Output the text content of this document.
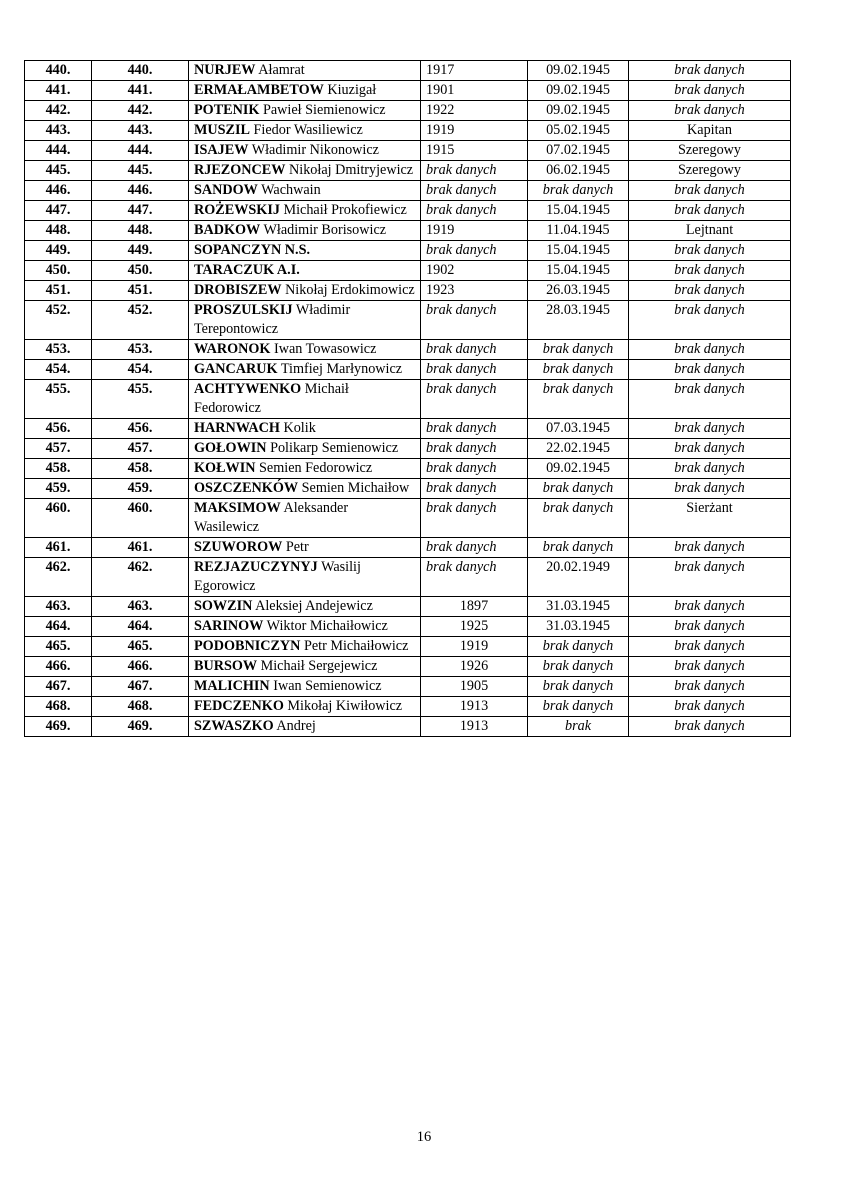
440.	440.	NURJEW Ałamrat	1917	09.02.1945	brak danych
441.	441.	ERMAŁAMBETOW Kiuzigał	1901	09.02.1945	brak danych
442.	442.	POTENIK Pawieł Siemienowicz	1922	09.02.1945	brak danych
443.	443.	MUSZIL Fiedor Wasiliewicz	1919	05.02.1945	Kapitan
444.	444.	ISAJEW Władimir Nikonowicz	1915	07.02.1945	Szeregowy
445.	445.	RJEZONCEW Nikołaj Dmitryjewicz	brak danych	06.02.1945	Szeregowy
446.	446.	SANDOW Wachwain	brak danych	brak danych	brak danych
447.	447.	ROŻEWSKIJ Michaił Prokofiewicz	brak danych	15.04.1945	brak danych
448.	448.	BADKOW Władimir Borisowicz	1919	11.04.1945	Lejtnant
449.	449.	SOPANCZYN N.S.	brak danych	15.04.1945	brak danych
450.	450.	TARACZUK A.I.	1902	15.04.1945	brak danych
451.	451.	DROBISZEW Nikołaj Erdokimowicz	1923	26.03.1945	brak danych
452.	452.	PROSZULSKIJ Władimir Terepontowicz	brak danych	28.03.1945	brak danych
453.	453.	WARONOK Iwan Towasowicz	brak danych	brak danych	brak danych
454.	454.	GANCARUK Timfiej Marłynowicz	brak danych	brak danych	brak danych
455.	455.	ACHTYWENKO Michaił Fedorowicz	brak danych	brak danych	brak danych
456.	456.	HARNWACH Kolik	brak danych	07.03.1945	brak danych
457.	457.	GOŁOWIN Polikarp Semienowicz	brak danych	22.02.1945	brak danych
458.	458.	KOŁWIN Semien Fedorowicz	brak danych	09.02.1945	brak danych
459.	459.	OSZCZENKÓW Semien Michaiłow	brak danych	brak danych	brak danych
460.	460.	MAKSIMOW Aleksander Wasilewicz	brak danych	brak danych	Sierżant
461.	461.	SZUWOROW Petr	brak danych	brak danych	brak danych
462.	462.	REZJAZUCZYNYJ Wasilij Egorowicz	brak danych	20.02.1949	brak danych
463.	463.	SOWZIN Aleksiej Andejewicz	1897	31.03.1945	brak danych
464.	464.	SARINOW Wiktor Michaiłowicz	1925	31.03.1945	brak danych
465.	465.	PODOBNICZYN Petr Michaiłowicz	1919	brak danych	brak danych
466.	466.	BURSOW Michaił Sergejewicz	1926	brak danych	brak danych
467.	467.	MALICHIN Iwan Semienowicz	1905	brak danych	brak danych
468.	468.	FEDCZENKO Mikołaj Kiwiłowicz	1913	brak danych	brak danych
469.	469.	SZWASZKO Andrej	1913	brak	brak danych
16
